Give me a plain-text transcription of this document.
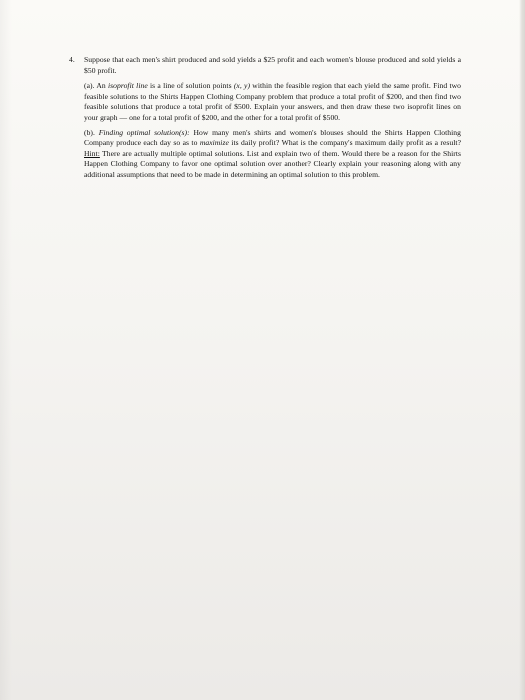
4. Suppose that each men's shirt produced and sold yields a $25 profit and each women's blouse produced and sold yields a $50 profit.

(a). An isoprofit line is a line of solution points (x, y) within the feasible region that each yield the same profit. Find two feasible solutions to the Shirts Happen Clothing Company problem that produce a total profit of $200, and then find two feasible solutions that produce a total profit of $500. Explain your answers, and then draw these two isoprofit lines on your graph — one for a total profit of $200, and the other for a total profit of $500.

(b). Finding optimal solution(s): How many men's shirts and women's blouses should the Shirts Happen Clothing Company produce each day so as to maximize its daily profit? What is the company's maximum daily profit as a result? Hint: There are actually multiple optimal solutions. List and explain two of them. Would there be a reason for the Shirts Happen Clothing Company to favor one optimal solution over another? Clearly explain your reasoning along with any additional assumptions that need to be made in determining an optimal solution to this problem.
